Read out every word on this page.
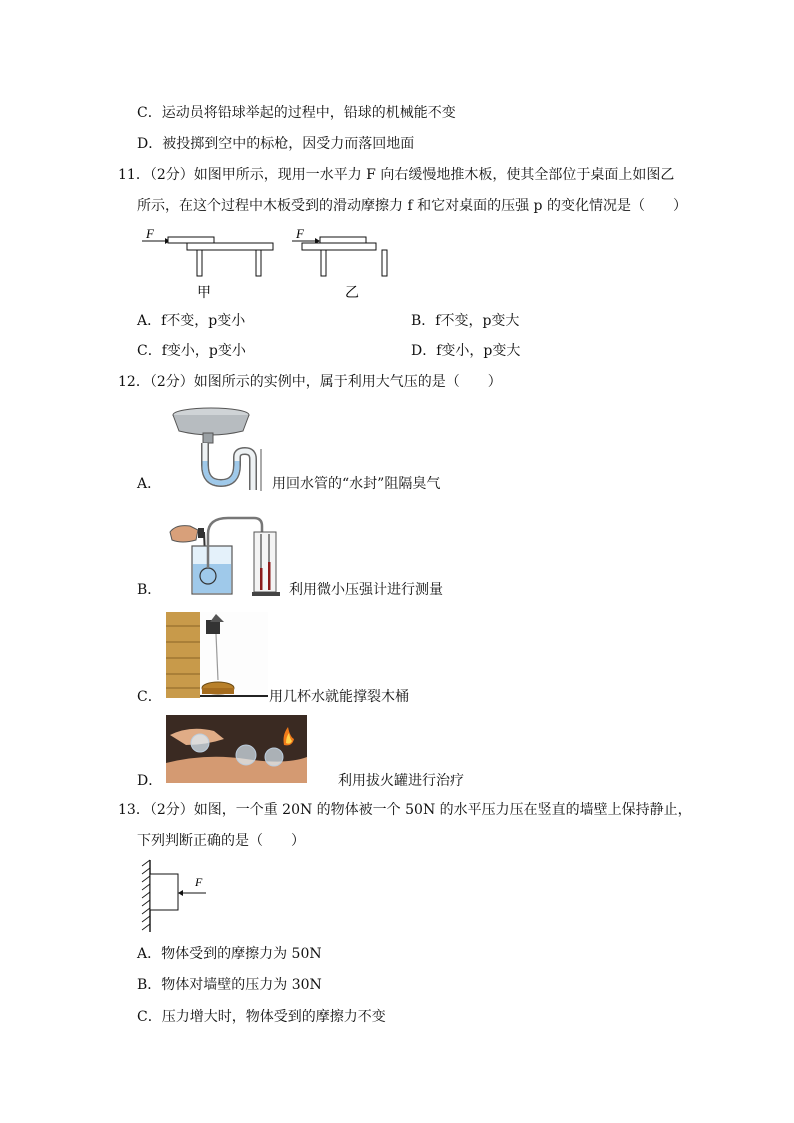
C．运动员将铅球举起的过程中，铅球的机械能不变
D．被投掷到空中的标枪，因受力而落回地面
11．（2分）如图甲所示，现用一水平力 F 向右缓慢地推木板，使其全部位于桌面上如图乙
所示，在这个过程中木板受到的滑动摩擦力 f 和它对桌面的压强 p 的变化情况是（　　）
F
甲
F
乙
A．f不变，p变小	B．f不变，p变大
C．f变小，p变小	D．f变小，p变大
12．（2分）如图所示的实例中，属于利用大气压的是（　　）
A．	用回水管的“水封”阻隔臭气
B．	利用微小压强计进行测量
C．	用几杯水就能撑裂木桶
D．	利用拔火罐进行治疗
13．（2分）如图，一个重 20N 的物体被一个 50N 的水平压力压在竖直的墙壁上保持静止，
下列判断正确的是（　　）
F
A．物体受到的摩擦力为 50N
B．物体对墙壁的压力为 30N
C．压力增大时，物体受到的摩擦力不变
